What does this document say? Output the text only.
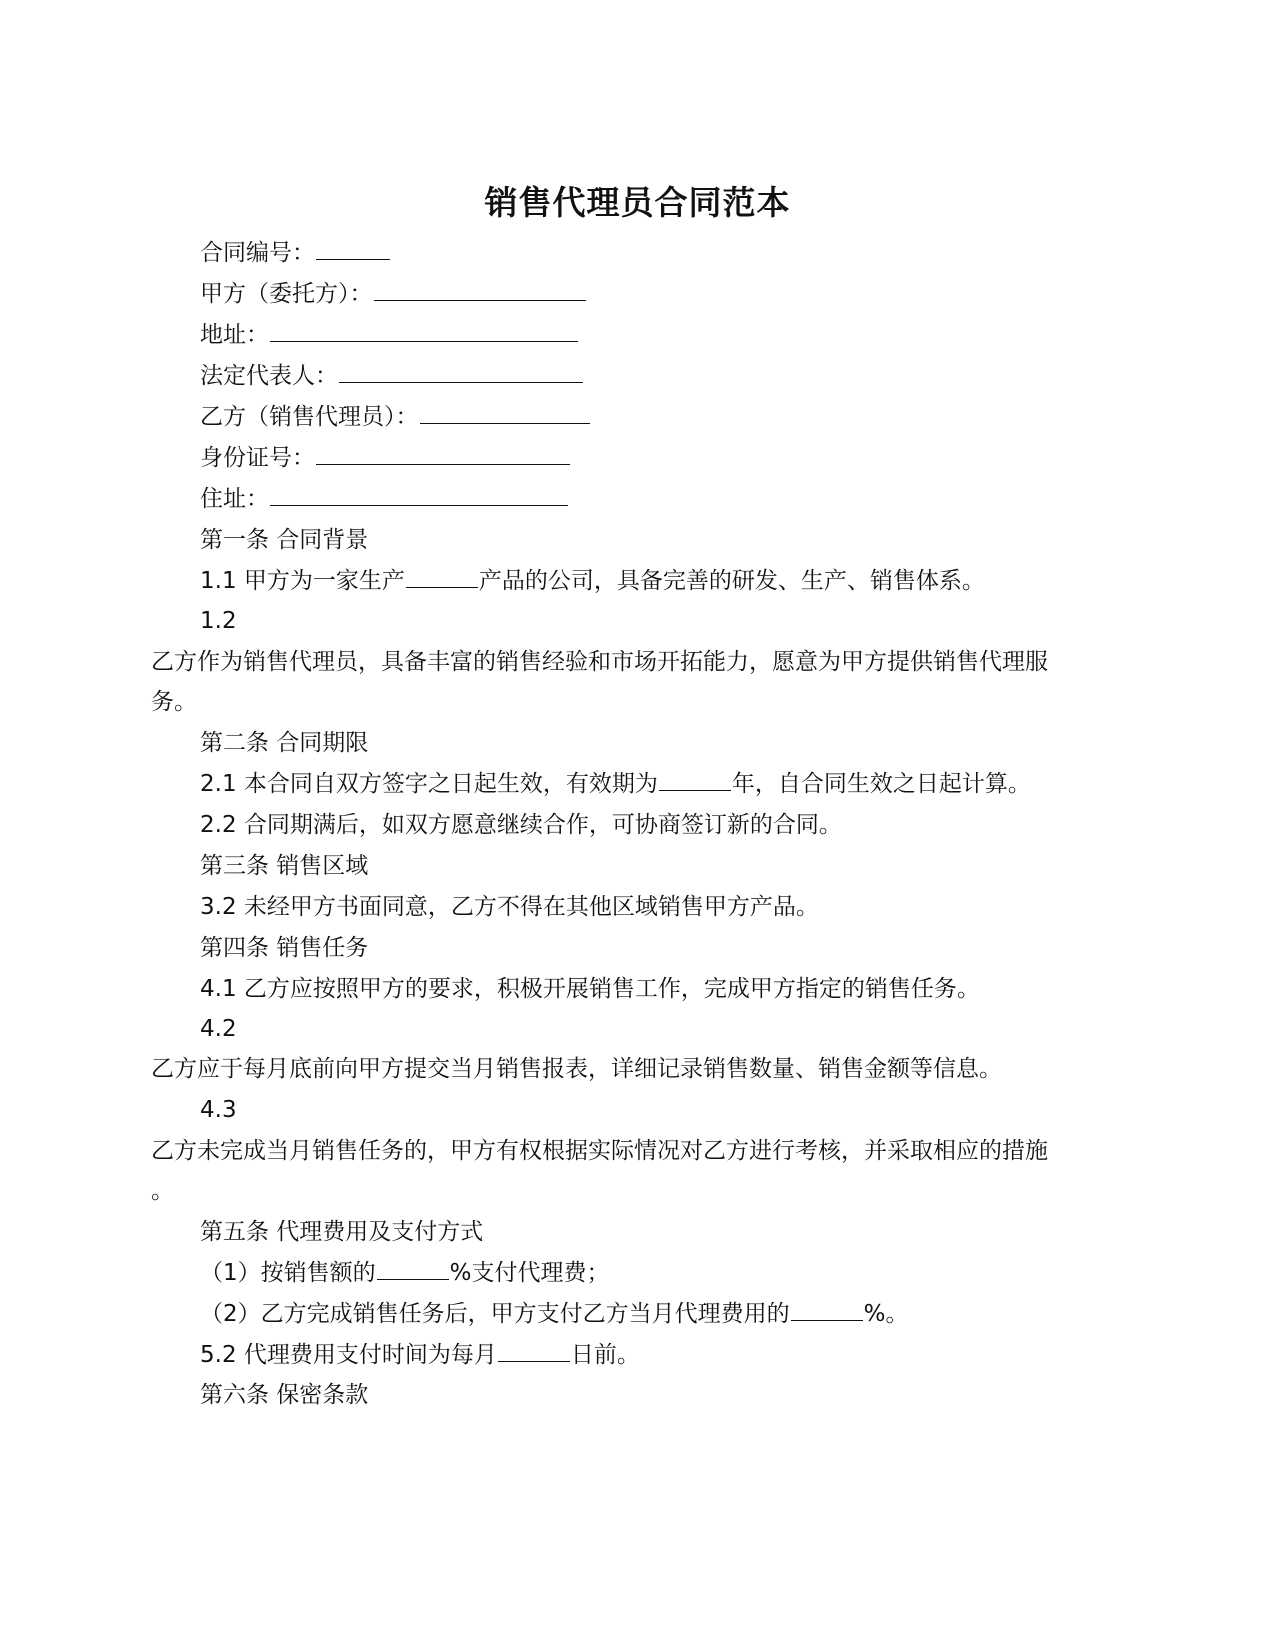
销售代理员合同范本
合同编号：
甲方（委托方）：
地址：
法定代表人：
乙方（销售代理员）：
身份证号：
住址：
第一条 合同背景
1.1 甲方为一家生产	产品的公司，具备完善的研发、生产、销售体系。
1.2
乙方作为销售代理员，具备丰富的销售经验和市场开拓能力，愿意为甲方提供销售代理服
务。
第二条 合同期限
2.1 本合同自双方签字之日起生效，有效期为	年，自合同生效之日起计算。
2.2 合同期满后，如双方愿意继续合作，可协商签订新的合同。
第三条 销售区域
3.2 未经甲方书面同意，乙方不得在其他区域销售甲方产品。
第四条 销售任务
4.1 乙方应按照甲方的要求，积极开展销售工作，完成甲方指定的销售任务。
4.2
乙方应于每月底前向甲方提交当月销售报表，详细记录销售数量、销售金额等信息。
4.3
乙方未完成当月销售任务的，甲方有权根据实际情况对乙方进行考核，并采取相应的措施
。
第五条 代理费用及支付方式
（1）按销售额的	%支付代理费；
（2）乙方完成销售任务后，甲方支付乙方当月代理费用的	%。
5.2 代理费用支付时间为每月	日前。
第六条 保密条款
